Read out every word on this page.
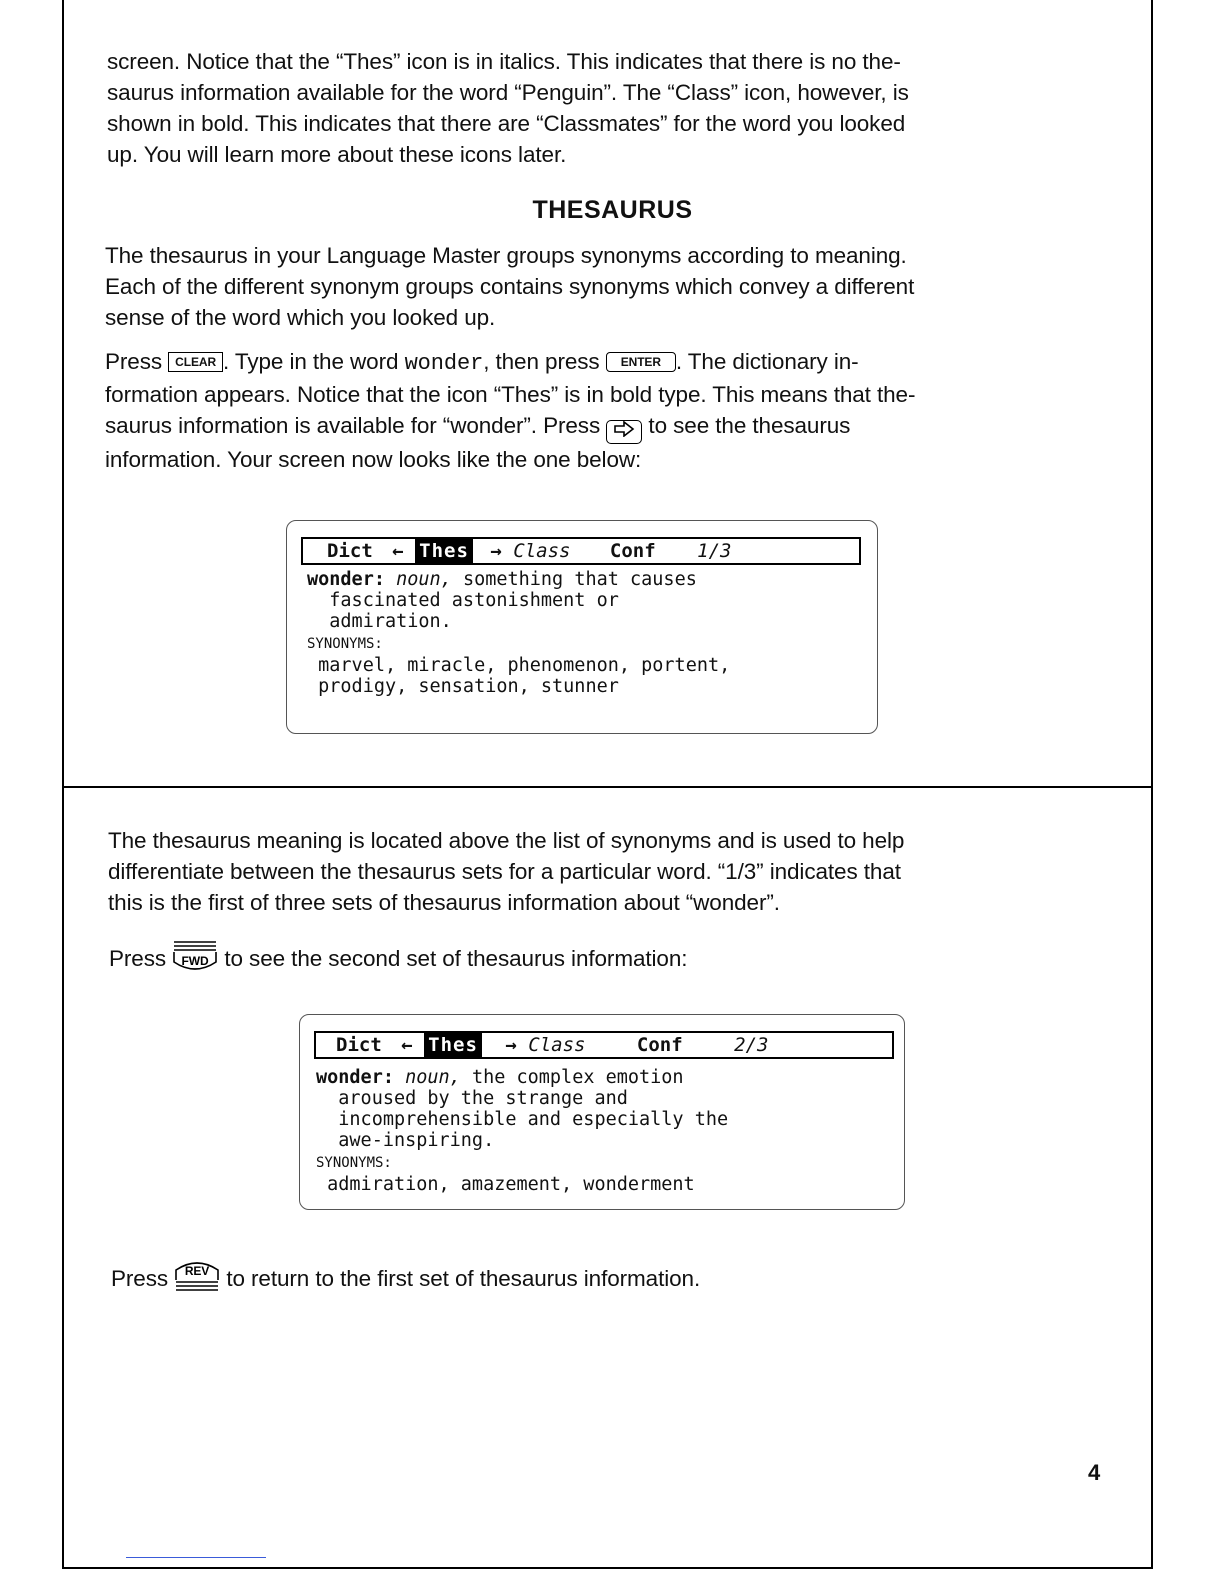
screen. Notice that the “Thes” icon is in italics. This indicates that there is no the-

saurus information available for the word “Penguin”. The “Class” icon, however, is

shown in bold. This indicates that there are “Classmates” for the word you looked

up. You will learn more about these icons later.

THESAURUS

The thesaurus in your Language Master groups synonyms according to meaning.

Each of the different synonym groups contains synonyms which convey a different

sense of the word which you looked up.

Press CLEAR . Type in the word wonder, then press ENTER . The dictionary in-

formation appears. Notice that the icon “Thes” is in bold type. This means that the-

saurus information is available for “wonder”. Press to see the thesaurus

information. Your screen now looks like the one below:

Dict ← Thes → Class Conf 1/3
wonder: noun, something that causes
fascinated astonishment or
admiration.
SYNONYMS:
marvel, miracle, phenomenon, portent,
prodigy, sensation, stunner

The thesaurus meaning is located above the list of synonyms and is used to help

differentiate between the thesaurus sets for a particular word. “1/3” indicates that

this is the first of three sets of thesaurus information about “wonder”.

Press FWD to see the second set of thesaurus information:

Dict ← Thes → Class	Conf	2/3
wonder: noun, the complex emotion
aroused by the strange and
incomprehensible and especially the
awe-inspiring.
SYNONYMS:
admiration, amazement, wonderment

Press REV to return to the first set of thesaurus information.

4
